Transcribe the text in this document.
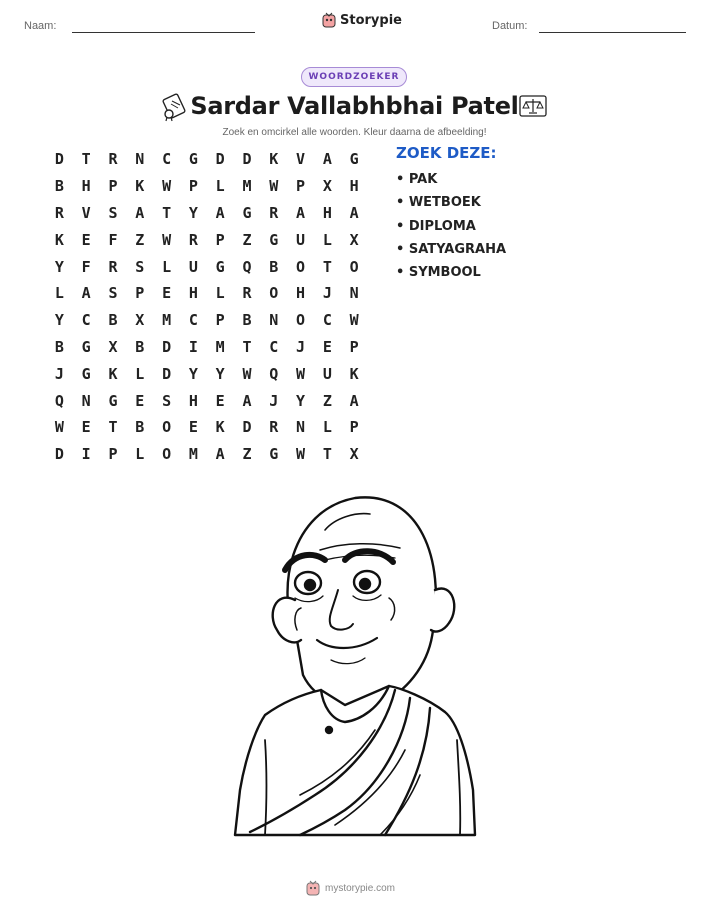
Naam:	Storypie	Datum:
WOORDZOEKER
Sardar Vallabhbhai Patel
Zoek en omcirkel alle woorden. Kleur daarna de afbeelding!
D	T	R	N	C	G	D	D	K	V	A	G
B	H	P	K	W	P	L	M	W	P	X	H
R	V	S	A	T	Y	A	G	R	A	H	A
K	E	F	Z	W	R	P	Z	G	U	L	X
Y	F	R	S	L	U	G	Q	B	O	T	O
L	A	S	P	E	H	L	R	O	H	J	N
Y	C	B	X	M	C	P	B	N	O	C	W
B	G	X	B	D	I	M	T	C	J	E	P
J	G	K	L	D	Y	Y	W	Q	W	U	K
Q	N	G	E	S	H	E	A	J	Y	Z	A
W	E	T	B	O	E	K	D	R	N	L	P
D	I	P	L	O	M	A	Z	G	W	T	X
ZOEK DEZE:
• PAK
• WETBOEK
• DIPLOMA
• SATYAGRAHA
• SYMBOOL
mystorypie.com
